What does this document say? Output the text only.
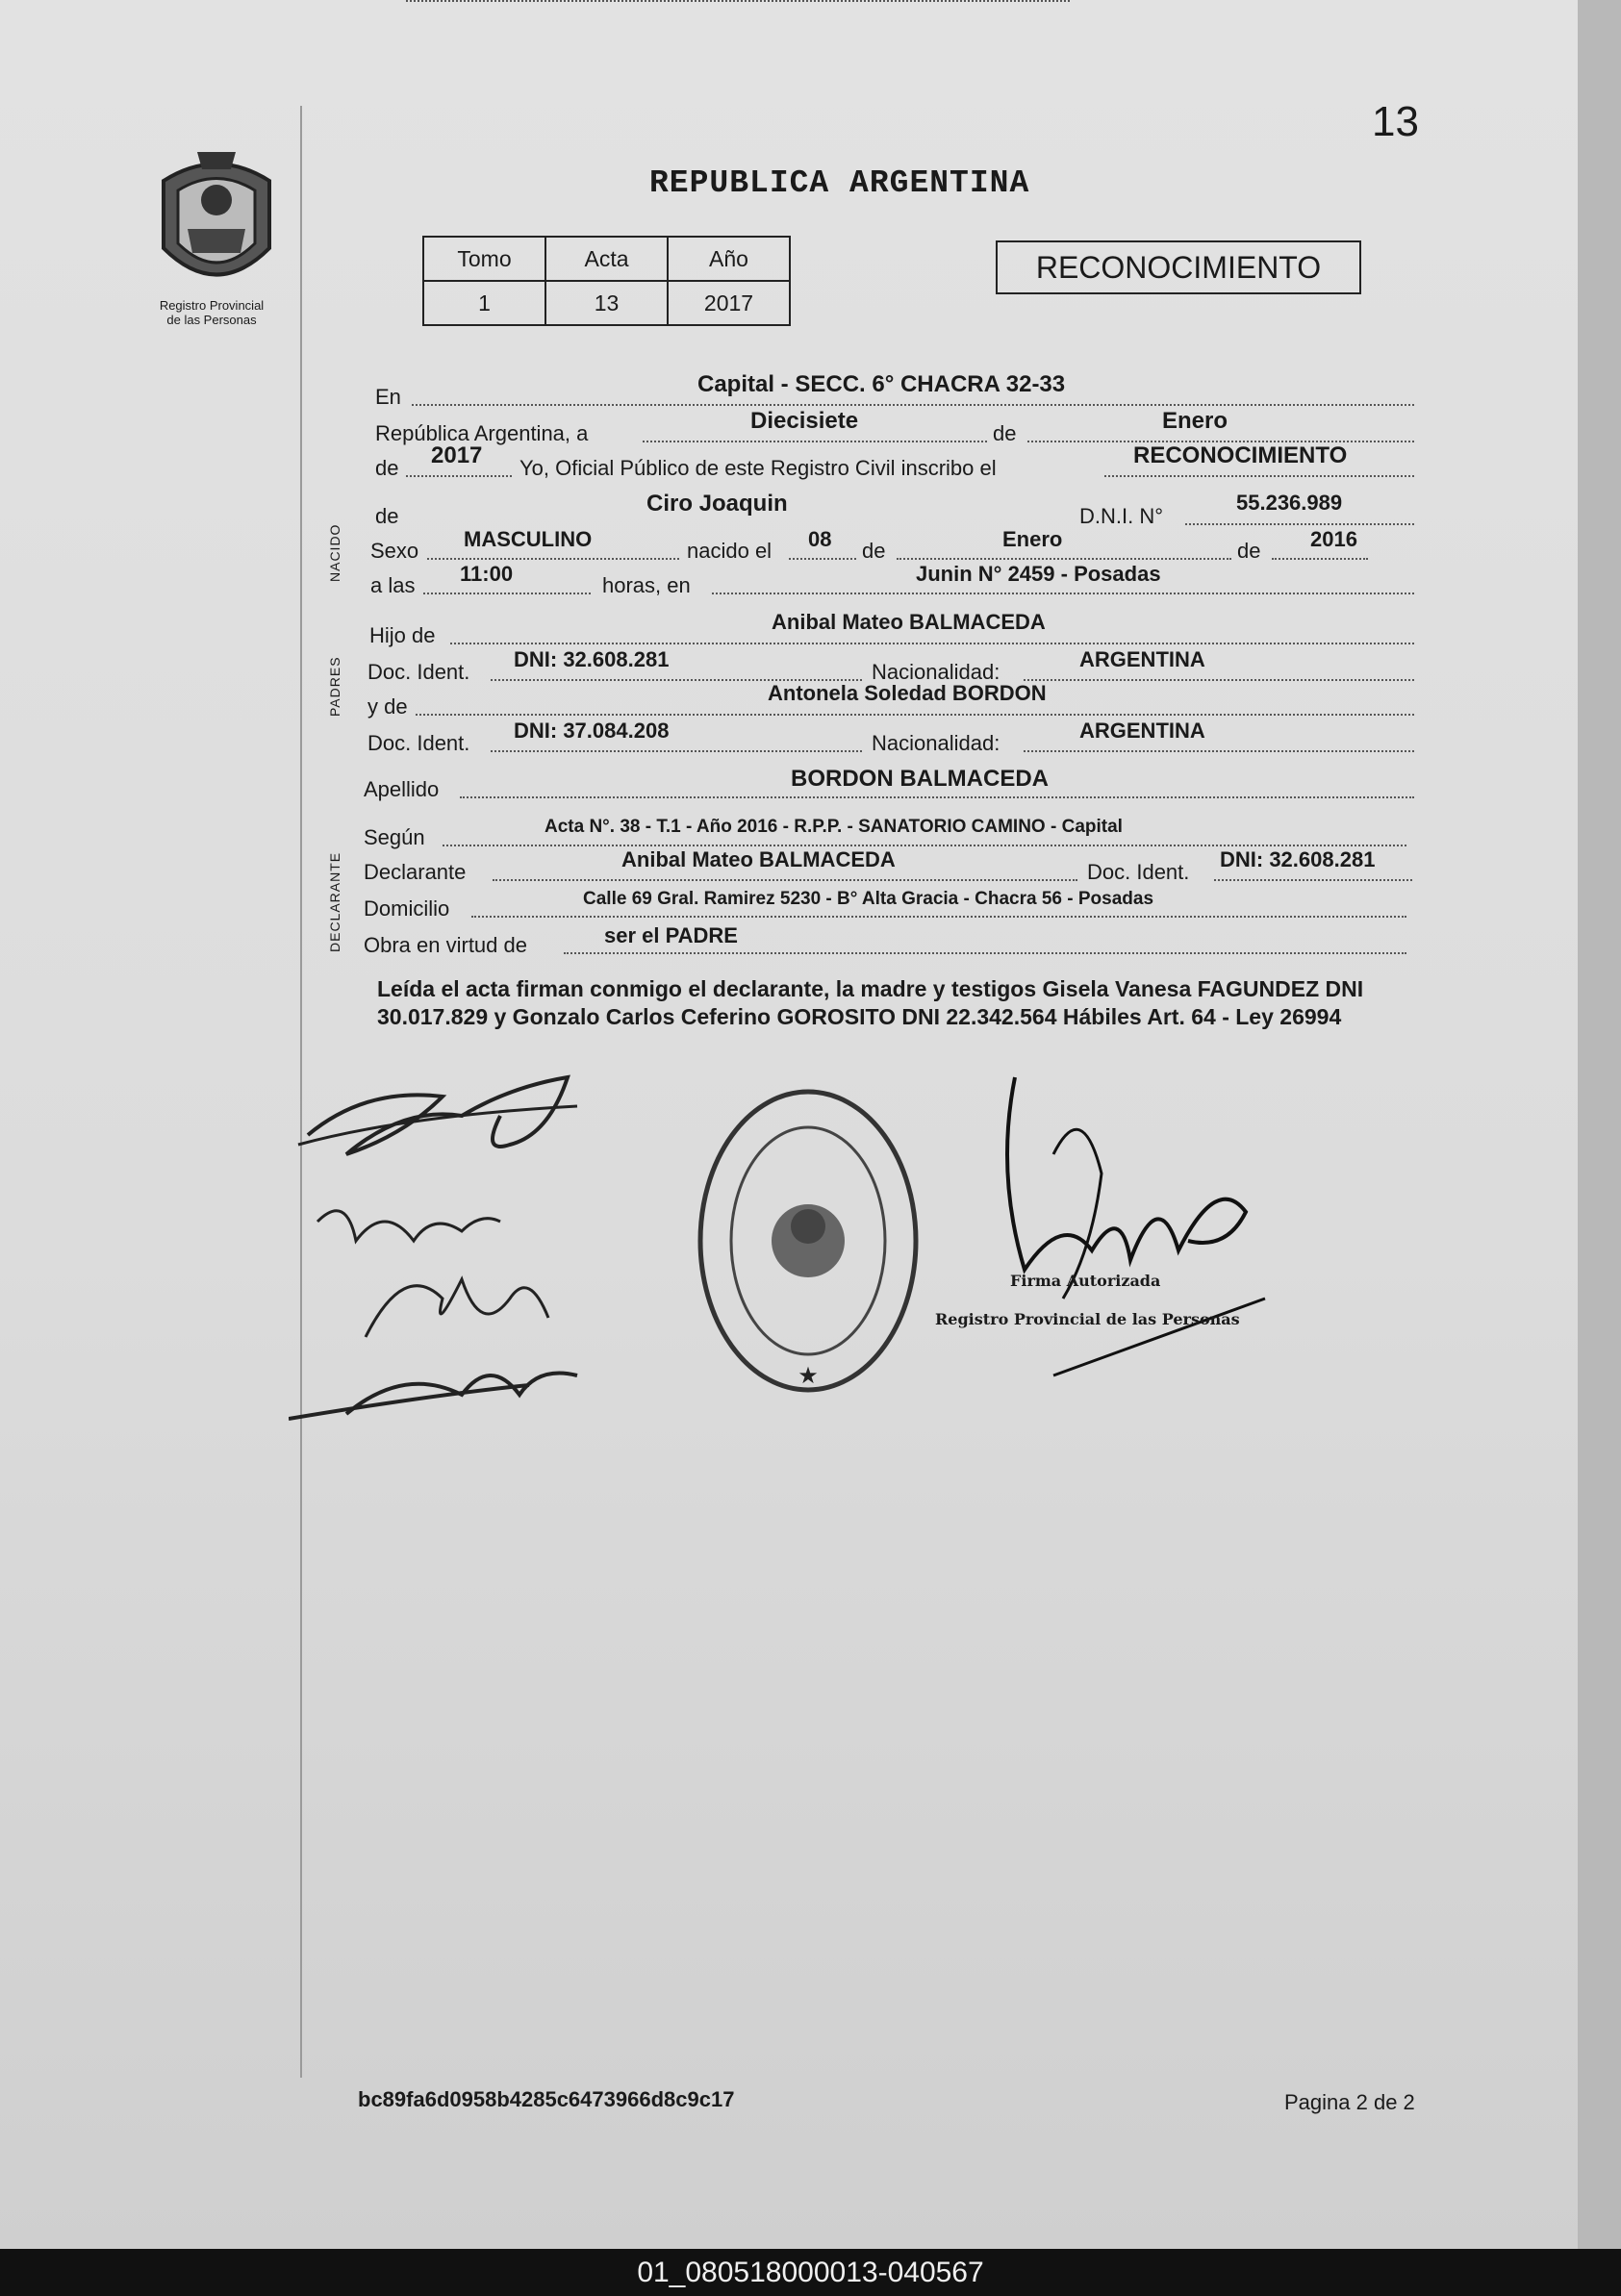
13
Registro Provincial
de las Personas
REPUBLICA ARGENTINA
Tomo	Acta	Año
1	13	2017
RECONOCIMIENTO
En	Capital - SECC. 6° CHACRA 32-33
República Argentina, a	Diecisiete	de	Enero
de 2017 Yo, Oficial Público de este Registro Civil inscribo el	RECONOCIMIENTO
NACIDO
de	Ciro Joaquin	D.N.I. N°
55.236.989
Sexo MASCULINO	nacido el 08 de	Enero	de 2016
a las 11:00	horas, en	Junin N° 2459 - Posadas
PADRES
Hijo de
Anibal Mateo BALMACEDA
Doc. Ident.
DNI: 32.608.281
Nacionalidad:
ARGENTINA
y de
Antonela Soledad BORDON
Doc. Ident.
DNI: 37.084.208
Nacionalidad:
ARGENTINA
Apellido	BORDON BALMACEDA
DECLARANTE
Según	Acta N°. 38 - T.1 - Año 2016 - R.P.P. - SANATORIO CAMINO - Capital
Declarante
Anibal Mateo BALMACEDA
Doc. Ident.
DNI: 32.608.281
Domicilio	Calle 69 Gral. Ramirez 5230 - B° Alta Gracia - Chacra 56 - Posadas
Obra en virtud de	ser el PADRE
Leída el acta firman conmigo el declarante, la madre y testigos Gisela Vanesa FAGUNDEZ DNI 30.017.829 y Gonzalo Carlos Ceferino GOROSITO DNI 22.342.564 Hábiles Art. 64 - Ley 26994
★
Firma Autorizada
Registro Provincial de las Personas
bc89fa6d0958b4285c6473966d8c9c17	Pagina 2 de 2
01_080518000013-040567
